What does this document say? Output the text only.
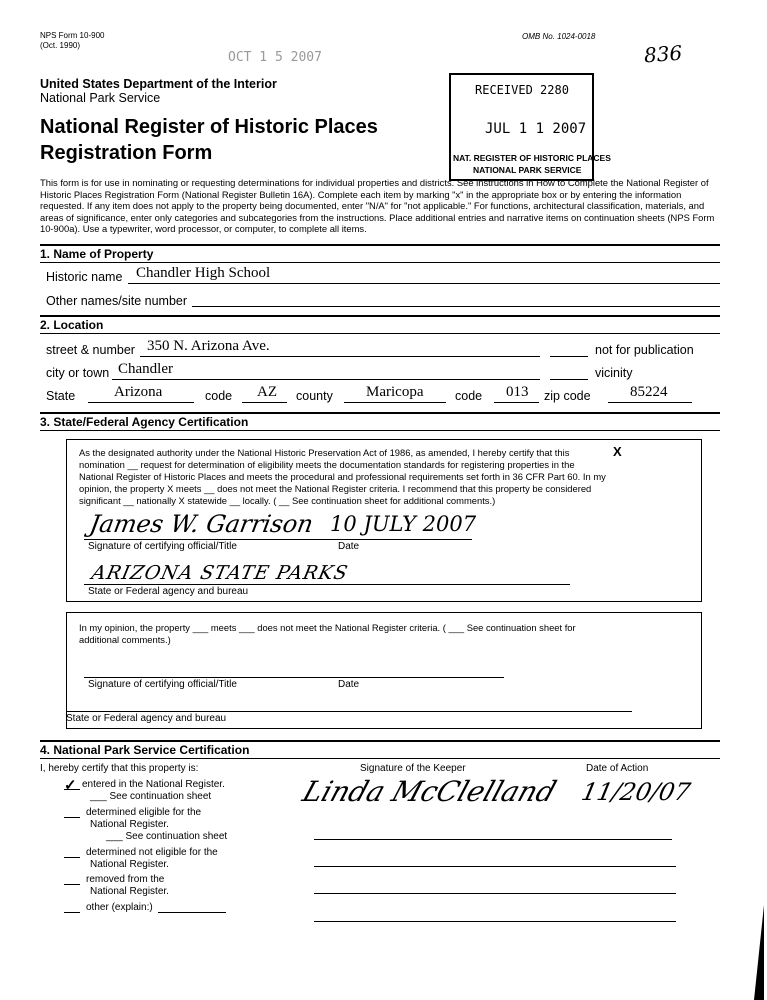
NPS Form 10-900
(Oct. 1990)
OMB No. 1024-0018
836
OCT 1 5 2007
United States Department of the Interior
National Park Service
National Register of Historic Places
Registration Form
RECEIVED 2280
JUL 1 1 2007
NAT. REGISTER OF HISTORIC PLACES
NATIONAL PARK SERVICE
This form is for use in nominating or requesting determinations for individual properties and districts. See instructions in How to Complete the National Register of Historic Places Registration Form (National Register Bulletin 16A). Complete each item by marking "x" in the appropriate box or by entering the information requested. If any item does not apply to the property being documented, enter "N/A" for "not applicable." For functions, architectural classification, materials, and areas of significance, enter only categories and subcategories from the instructions. Place additional entries and narrative items on continuation sheets (NPS Form 10-900a). Use a typewriter, word processor, or computer, to complete all items.
1. Name of Property
Historic name Chandler High School
Other names/site number
2. Location
street & number 350 N. Arizona Ave.	not for publication
city or town Chandler	vicinity
State	Arizona	code AZ county Maricopa	code 013 zip code	85224
3. State/Federal Agency Certification
As the designated authority under the National Historic Preservation Act of 1986, as amended, I hereby certify that this	X
nomination __ request for determination of eligibility meets the documentation standards for registering properties in the
National Register of Historic Places and meets the procedural and professional requirements set forth in 36 CFR Part 60. In my
opinion, the property X meets __ does not meet the National Register criteria. I recommend that this property be considered
significant __ nationally X statewide __ locally. ( __ See continuation sheet for additional comments.)
James W. Garrison 10 JULY 2007
Signature of certifying official/Title	Date
ARIZONA STATE PARKS
State or Federal agency and bureau
In my opinion, the property ___ meets ___ does not meet the National Register criteria. ( ___ See continuation sheet for
additional comments.)
Signature of certifying official/Title	Date
State or Federal agency and bureau
4. National Park Service Certification
I, hereby certify that this property is:	Signature of the Keeper	Date of Action
✓ entered in the National Register.
___ See continuation sheet
determined eligible for the
National Register.
___ See continuation sheet
determined not eligible for the
National Register.
removed from the
National Register.
other (explain:)
Linda McClelland 11/20/07
